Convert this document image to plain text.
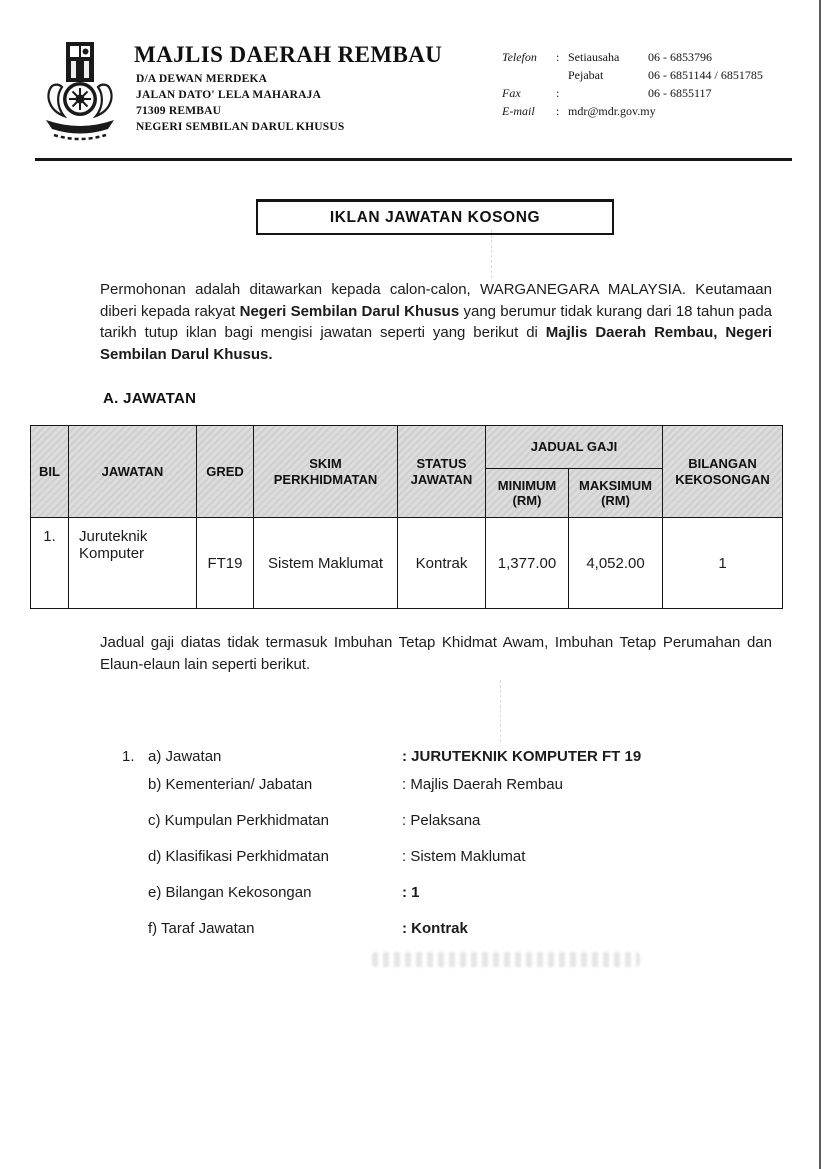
MAJLIS DAERAH REMBAU
D/A DEWAN MERDEKA
JALAN DATO' LELA MAHARAJA
71309 REMBAU
NEGERI SEMBILAN DARUL KHUSUS
Telefon : Setiausaha 06 - 6853796
Pejabat	06 - 6851144 / 6851785
Fax	:	06 - 6855117
E-mail : mdr@mdr.gov.my
IKLAN JAWATAN KOSONG
Permohonan adalah ditawarkan kepada calon-calon, WARGANEGARA MALAYSIA. Keutamaan diberi kepada rakyat Negeri Sembilan Darul Khusus yang berumur tidak kurang dari 18 tahun pada tarikh tutup iklan bagi mengisi jawatan seperti yang berikut di Majlis Daerah Rembau, Negeri Sembilan Darul Khusus.
A. JAWATAN
BIL	JAWATAN	GRED	SKIM PERKHIDMATAN	STATUS JAWATAN	JADUAL GAJI		BILANGAN KEKOSONGAN
					MINIMUM (RM)	MAKSIMUM (RM)	
1.	Juruteknik Komputer	FT19	Sistem Maklumat	Kontrak	1,377.00	4,052.00	1
Jadual gaji diatas tidak termasuk Imbuhan Tetap Khidmat Awam, Imbuhan Tetap Perumahan dan Elaun-elaun lain seperti berikut.
1. a) Jawatan	: JURUTEKNIK KOMPUTER FT 19
b) Kementerian/ Jabatan	: Majlis Daerah Rembau
c) Kumpulan Perkhidmatan	: Pelaksana
d) Klasifikasi Perkhidmatan	: Sistem Maklumat
e) Bilangan Kekosongan	: 1
f) Taraf Jawatan	: Kontrak
